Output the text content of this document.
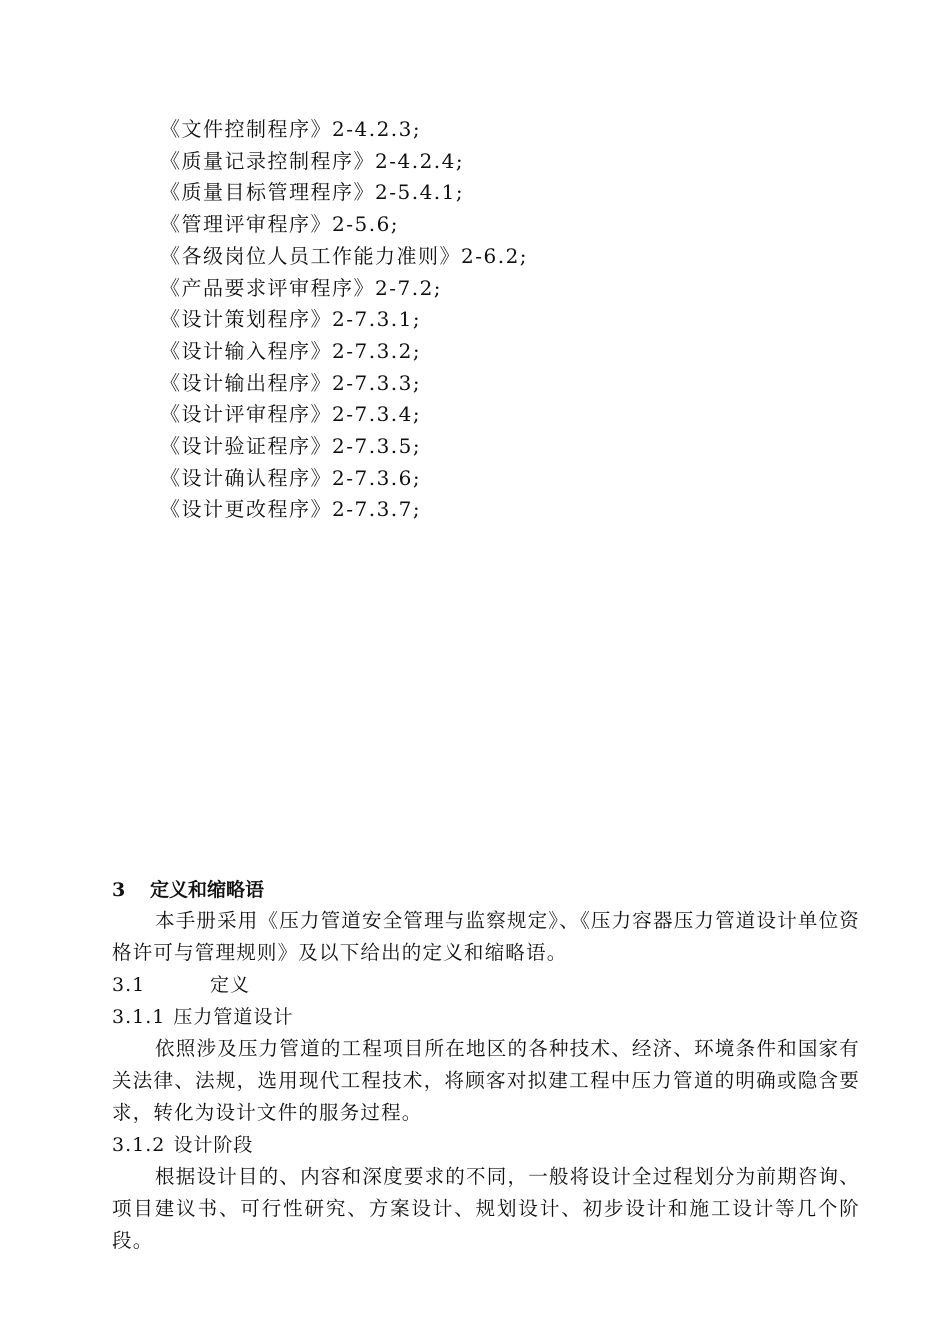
《文件控制程序》2-4.2.3;
《质量记录控制程序》2-4.2.4;
《质量目标管理程序》2-5.4.1;
《管理评审程序》2-5.6;
《各级岗位人员工作能力准则》2-6.2;
《产品要求评审程序》2-7.2;
《设计策划程序》2-7.3.1;
《设计输入程序》2-7.3.2;
《设计输出程序》2-7.3.3;
《设计评审程序》2-7.3.4;
《设计验证程序》2-7.3.5;
《设计确认程序》2-7.3.6;
《设计更改程序》2-7.3.7;
3 定义和缩略语

本手册采用《压力管道安全管理与监察规定》、《压力容器压力管道设计单位资格许可与管理规则》及以下给出的定义和缩略语。

3.1	定义
3.1.1 压力管道设计

依照涉及压力管道的工程项目所在地区的各种技术、经济、环境条件和国家有关法律、法规，选用现代工程技术，将顾客对拟建工程中压力管道的明确或隐含要求，转化为设计文件的服务过程。

3.1.2 设计阶段

根据设计目的、内容和深度要求的不同，一般将设计全过程划分为前期咨询、项目建议书、可行性研究、方案设计、规划设计、初步设计和施工设计等几个阶段。
